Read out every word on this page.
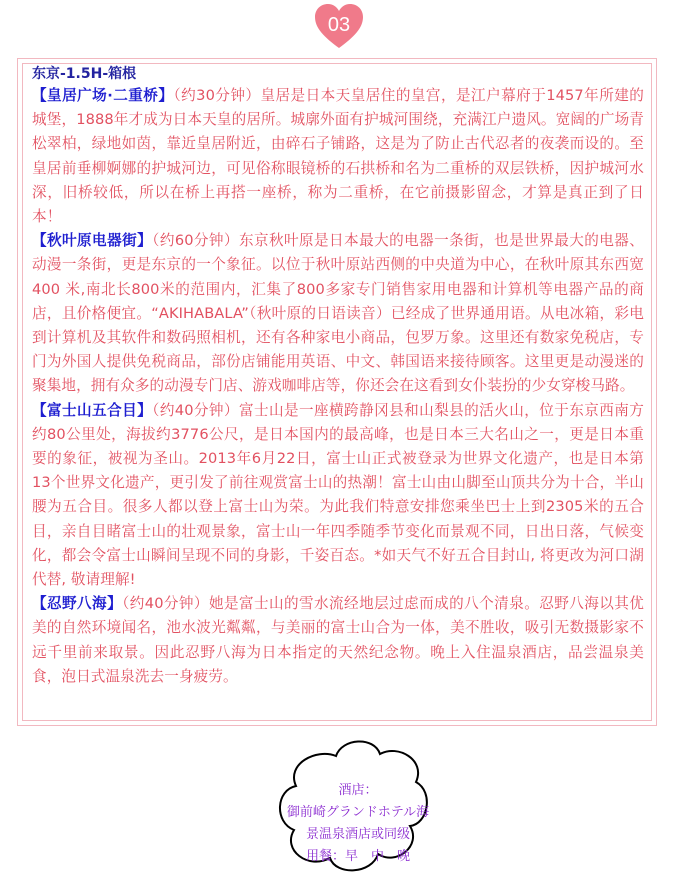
03
东京-1.5H-箱根

【皇居广场·二重桥】（约30分钟）皇居是日本天皇居住的皇宫，是江户幕府于1457年所建的城堡，1888年才成为日本天皇的居所。城廓外面有护城河围绕，充满江户遗风。宽阔的广场青松翠柏，绿地如茵，靠近皇居附近，由碎石子铺路，这是为了防止古代忍者的夜袭而设的。至皇居前垂柳婀娜的护城河边，可见俗称眼镜桥的石拱桥和名为二重桥的双层铁桥，因护城河水深，旧桥较低，所以在桥上再搭一座桥，称为二重桥，在它前摄影留念，才算是真正到了日本！

【秋叶原电器街】（约60分钟）东京秋叶原是日本最大的电器一条街，也是世界最大的电器、动漫一条街，更是东京的一个象征。以位于秋叶原站西侧的中央道为中心，在秋叶原其东西宽400 米,南北长800米的范围内，汇集了800多家专门销售家用电器和计算机等电器产品的商店，且价格便宜。“AKIHABALA”（秋叶原的日语读音）已经成了世界通用语。从电冰箱，彩电到计算机及其软件和数码照相机，还有各种家电小商品，包罗万象。这里还有数家免税店，专门为外国人提供免税商品，部份店铺能用英语、中文、韩国语来接待顾客。这里更是动漫迷的聚集地，拥有众多的动漫专门店、游戏咖啡店等，你还会在这看到女仆装扮的少女穿梭马路。

【富士山五合目】（约40分钟）富士山是一座横跨静冈县和山梨县的活火山，位于东京西南方约80公里处，海拔约3776公尺，是日本国内的最高峰，也是日本三大名山之一，更是日本重要的象征，被视为圣山。2013年6月22日，富士山正式被登录为世界文化遗产，也是日本第13个世界文化遗产，更引发了前往观赏富士山的热潮！富士山由山脚至山顶共分为十合，半山腰为五合目。很多人都以登上富士山为荣。为此我们特意安排您乘坐巴士上到2305米的五合目，亲自目睹富士山的壮观景象，富士山一年四季随季节变化而景观不同，日出日落，气候变化，都会令富士山瞬间呈现不同的身影，千姿百态。*如天气不好五合目封山, 将更改为河口湖代替, 敬请理解!

【忍野八海】（约40分钟）她是富士山的雪水流经地层过虑而成的八个清泉。忍野八海以其优美的自然环境闻名，池水波光粼粼，与美丽的富士山合为一体，美不胜收，吸引无数摄影家不远千里前来取景。因此忍野八海为日本指定的天然纪念物。晚上入住温泉酒店，品尝温泉美食，泡日式温泉洗去一身疲劳。

酒店：
御前崎グランドホテル海景温泉酒店或同级
用餐：早　中　晚
